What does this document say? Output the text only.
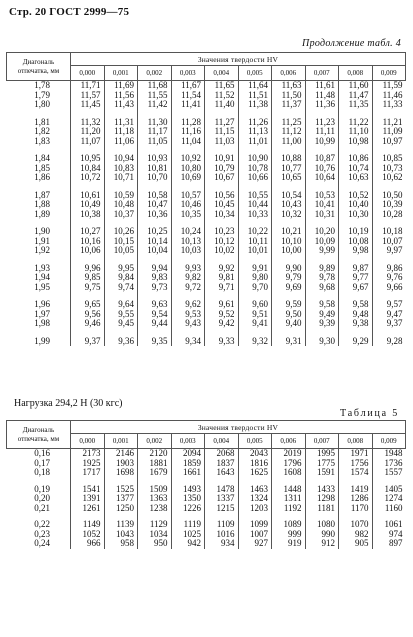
Стр. 20 ГОСТ 2999—75
Продолжение табл. 4
Диагональ отпечатка, мм	Значения твердости HV									
	0,000	0,001	0,002	0,003	0,004	0,005	0,006	0,007	0,008	0,009
1,78	11,71	11,69	11,68	11,67	11,65	11,64	11,63	11,61	11,60	11,59
1,79	11,57	11,56	11,55	11,54	11,52	11,51	11,50	11,48	11,47	11,46
1,80	11,45	11,43	11,42	11,41	11,40	11,38	11,37	11,36	11,35	11,33

1,81	11,32	11,31	11,30	11,28	11,27	11,26	11,25	11,23	11,22	11,21
1,82	11,20	11,18	11,17	11,16	11,15	11,13	11,12	11,11	11,10	11,09
1,83	11,07	11,06	11,05	11,04	11,03	11,01	11,00	10,99	10,98	10,97

1,84	10,95	10,94	10,93	10,92	10,91	10,90	10,88	10,87	10,86	10,85
1,85	10,84	10,83	10,81	10,80	10,79	10,78	10,77	10,76	10,74	10,73
1,86	10,72	10,71	10,70	10,69	10,67	10,66	10,65	10,64	10,63	10,62

1,87	10,61	10,59	10,58	10,57	10,56	10,55	10,54	10,53	10,52	10,50
1,88	10,49	10,48	10,47	10,46	10,45	10,44	10,43	10,41	10,40	10,39
1,89	10,38	10,37	10,36	10,35	10,34	10,33	10,32	10,31	10,30	10,28

1,90	10,27	10,26	10,25	10,24	10,23	10,22	10,21	10,20	10,19	10,18
1,91	10,16	10,15	10,14	10,13	10,12	10,11	10,10	10,09	10,08	10,07
1,92	10,06	10,05	10,04	10,03	10,02	10,01	10,00	9,99	9,98	9,97

1,93	9,96	9,95	9,94	9,93	9,92	9,91	9,90	9,89	9,87	9,86
1,94	9,85	9,84	9,83	9,82	9,81	9,80	9,79	9,78	9,77	9,76
1,95	9,75	9,74	9,73	9,72	9,71	9,70	9,69	9,68	9,67	9,66

1,96	9,65	9,64	9,63	9,62	9,61	9,60	9,59	9,58	9,58	9,57
1,97	9,56	9,55	9,54	9,53	9,52	9,51	9,50	9,49	9,48	9,47
1,98	9,46	9,45	9,44	9,43	9,42	9,41	9,40	9,39	9,38	9,37

1,99	9,37	9,36	9,35	9,34	9,33	9,32	9,31	9,30	9,29	9,28
Нагрузка 294,2 Н (30 кгс)
Таблица 5
Диагональ отпечатка, мм	Значения твердости HV									
	0,000	0,001	0,002	0,003	0,004	0,005	0,006	0,007	0,008	0,009
0,16	2173	2146	2120	2094	2068	2043	2019	1995	1971	1948
0,17	1925	1903	1881	1859	1837	1816	1796	1775	1756	1736
0,18	1717	1698	1679	1661	1643	1625	1608	1591	1574	1557

0,19	1541	1525	1509	1493	1478	1463	1448	1433	1419	1405
0,20	1391	1377	1363	1350	1337	1324	1311	1298	1286	1274
0,21	1261	1250	1238	1226	1215	1203	1192	1181	1170	1160

0,22	1149	1139	1129	1119	1109	1099	1089	1080	1070	1061
0,23	1052	1043	1034	1025	1016	1007	999	990	982	974
0,24	966	958	950	942	934	927	919	912	905	897
